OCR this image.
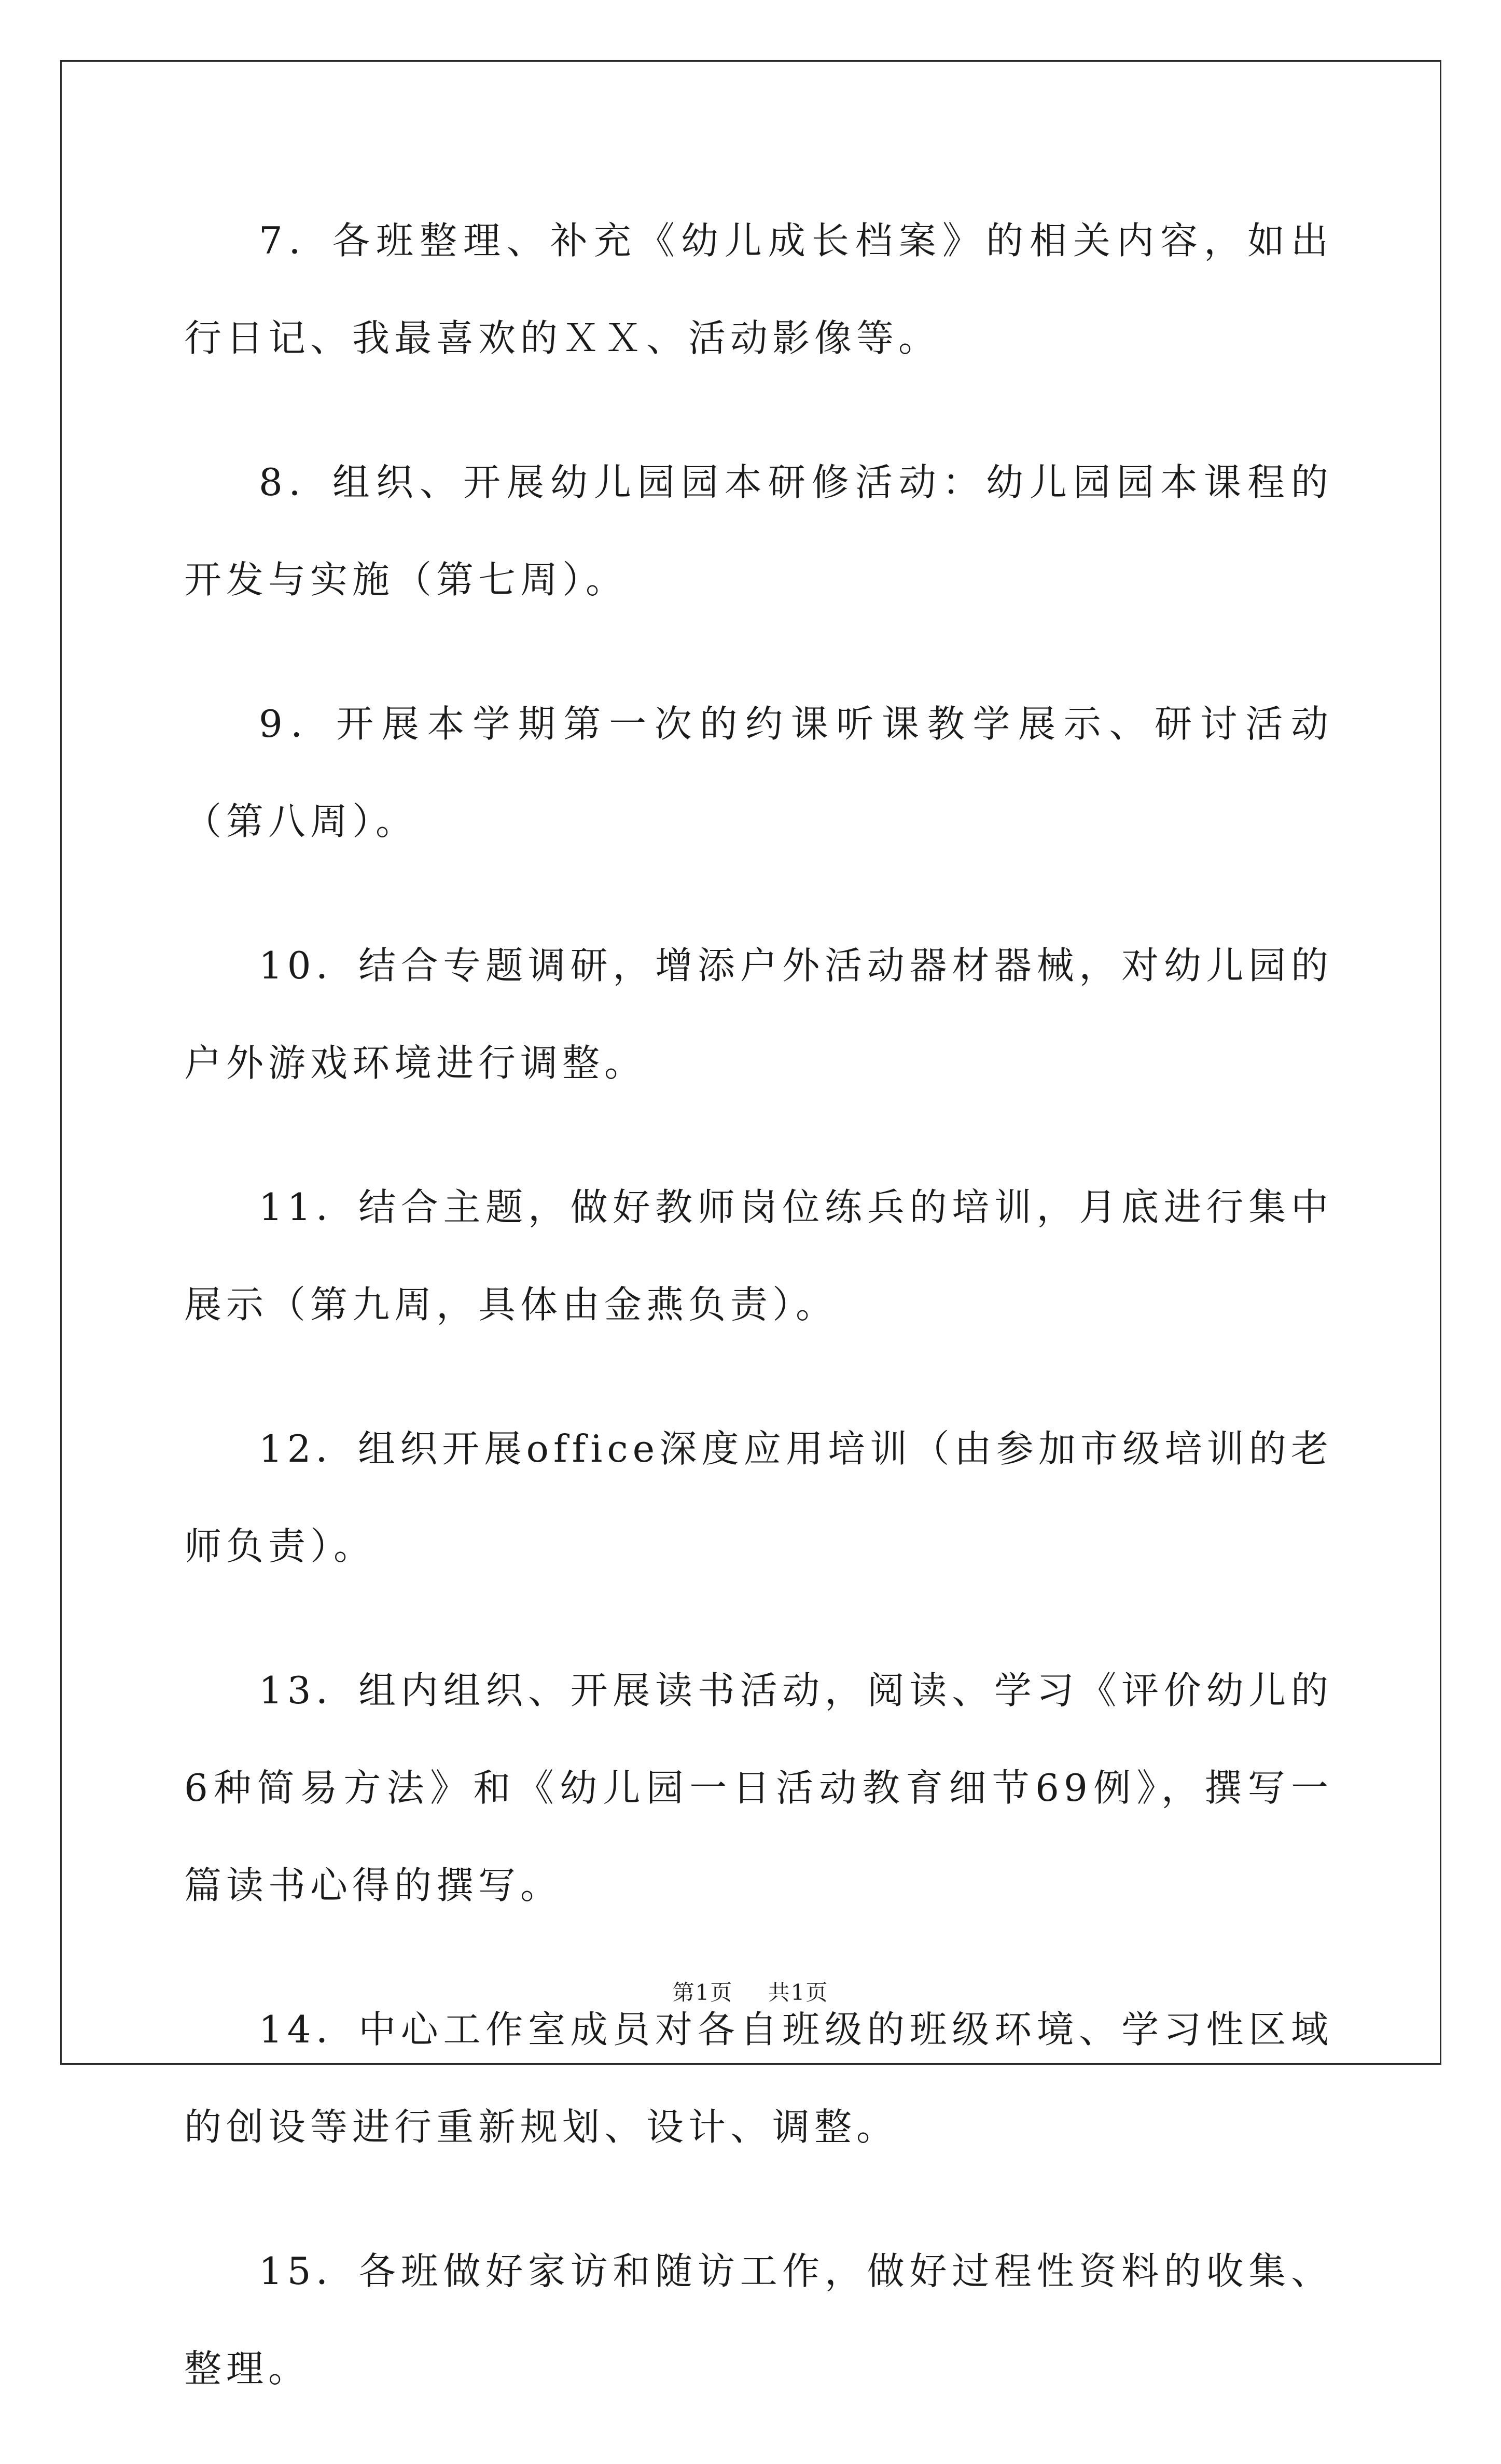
7．各班整理、补充《幼儿成长档案》的相关内容，如出行日记、我最喜欢的ＸＸ、活动影像等。

8．组织、开展幼儿园园本研修活动：幼儿园园本课程的开发与实施（第七周）。

9．开展本学期第一次的约课听课教学展示、研讨活动（第八周）。

10．结合专题调研，增添户外活动器材器械，对幼儿园的户外游戏环境进行调整。

11．结合主题，做好教师岗位练兵的培训，月底进行集中展示（第九周，具体由金燕负责）。

12．组织开展office深度应用培训（由参加市级培训的老师负责）。

13．组内组织、开展读书活动，阅读、学习《评价幼儿的6种简易方法》和《幼儿园一日活动教育细节69例》，撰写一篇读书心得的撰写。

14．中心工作室成员对各自班级的班级环境、学习性区域的创设等进行重新规划、设计、调整。

15．各班做好家访和随访工作，做好过程性资料的收集、整理。

第1页 共1页
